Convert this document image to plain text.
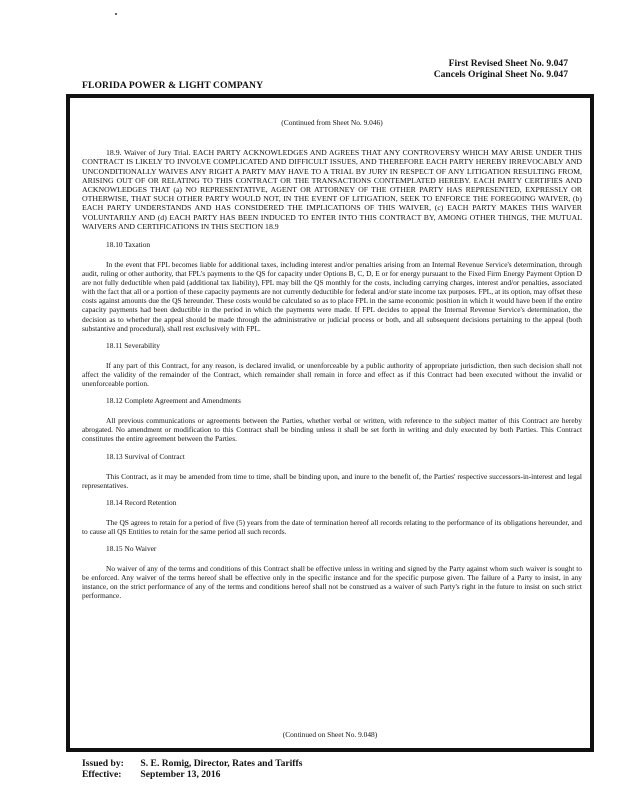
First Revised Sheet No. 9.047
Cancels Original Sheet No. 9.047
FLORIDA POWER & LIGHT COMPANY
(Continued from Sheet No. 9.046)

18.9. Waiver of Jury Trial. EACH PARTY ACKNOWLEDGES AND AGREES THAT ANY CONTROVERSY WHICH MAY ARISE UNDER THIS CONTRACT IS LIKELY TO INVOLVE COMPLICATED AND DIFFICULT ISSUES, AND THEREFORE EACH PARTY HEREBY IRREVOCABLY AND UNCONDITIONALLY WAIVES ANY RIGHT A PARTY MAY HAVE TO A TRIAL BY JURY IN RESPECT OF ANY LITIGATION RESULTING FROM, ARISING OUT OF OR RELATING TO THIS CONTRACT OR THE TRANSACTIONS CONTEMPLATED HEREBY. EACH PARTY CERTIFIES AND ACKNOWLEDGES THAT (a) NO REPRESENTATIVE, AGENT OR ATTORNEY OF THE OTHER PARTY HAS REPRESENTED, EXPRESSLY OR OTHERWISE, THAT SUCH OTHER PARTY WOULD NOT, IN THE EVENT OF LITIGATION, SEEK TO ENFORCE THE FOREGOING WAIVER, (b) EACH PARTY UNDERSTANDS AND HAS CONSIDERED THE IMPLICATIONS OF THIS WAIVER, (c) EACH PARTY MAKES THIS WAIVER VOLUNTARILY AND (d) EACH PARTY HAS BEEN INDUCED TO ENTER INTO THIS CONTRACT BY, AMONG OTHER THINGS, THE MUTUAL WAIVERS AND CERTIFICATIONS IN THIS SECTION 18.9

18.10 Taxation

In the event that FPL becomes liable for additional taxes, including interest and/or penalties arising from an Internal Revenue Service's determination, through audit, ruling or other authority, that FPL's payments to the QS for capacity under Options B, C, D, E or for energy pursuant to the Fixed Firm Energy Payment Option D are not fully deductible when paid (additional tax liability), FPL may bill the QS monthly for the costs, including carrying charges, interest and/or penalties, associated with the fact that all or a portion of these capacity payments are not currently deductible for federal and/or state income tax purposes. FPL, at its option, may offset these costs against amounts due the QS hereunder. These costs would be calculated so as to place FPL in the same economic position in which it would have been if the entire capacity payments had been deductible in the period in which the payments were made. If FPL decides to appeal the Internal Revenue Service's determination, the decision as to whether the appeal should be made through the administrative or judicial process or both, and all subsequent decisions pertaining to the appeal (both substantive and procedural), shall rest exclusively with FPL.

18.11 Severability

If any part of this Contract, for any reason, is declared invalid, or unenforceable by a public authority of appropriate jurisdiction, then such decision shall not affect the validity of the remainder of the Contract, which remainder shall remain in force and effect as if this Contract had been executed without the invalid or unenforceable portion.

18.12 Complete Agreement and Amendments

All previous communications or agreements between the Parties, whether verbal or written, with reference to the subject matter of this Contract are hereby abrogated. No amendment or modification to this Contract shall be binding unless it shall be set forth in writing and duly executed by both Parties. This Contract constitutes the entire agreement between the Parties.

18.13 Survival of Contract

This Contract, as it may be amended from time to time, shall be binding upon, and inure to the benefit of, the Parties' respective successors-in-interest and legal representatives.

18.14 Record Retention

The QS agrees to retain for a period of five (5) years from the date of termination hereof all records relating to the performance of its obligations hereunder, and to cause all QS Entities to retain for the same period all such records.

18.15 No Waiver

No waiver of any of the terms and conditions of this Contract shall be effective unless in writing and signed by the Party against whom such waiver is sought to be enforced. Any waiver of the terms hereof shall be effective only in the specific instance and for the specific purpose given. The failure of a Party to insist, in any instance, on the strict performance of any of the terms and conditions hereof shall not be construed as a waiver of such Party's right in the future to insist on such strict performance.

(Continued on Sheet No. 9.048)
Issued by: S. E. Romig, Director, Rates and Tariffs
Effective: September 13, 2016
